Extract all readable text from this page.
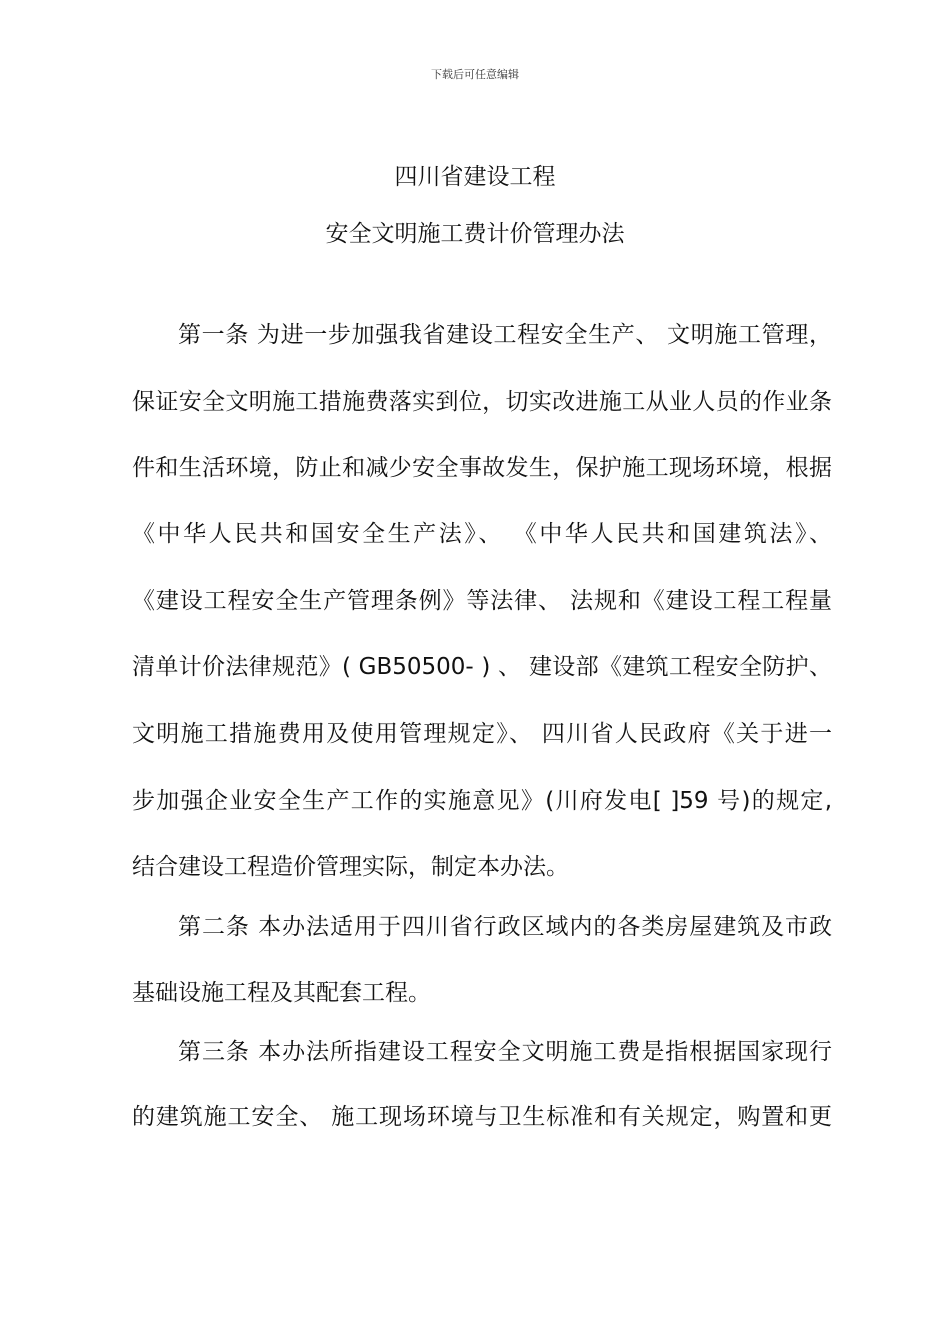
下载后可任意编辑
四川省建设工程
安全文明施工费计价管理办法
第一条 为进一步加强我省建设工程安全生产、 文明施工管理，
保证安全文明施工措施费落实到位，切实改进施工从业人员的作业条
件和生活环境，防止和减少安全事故发生，保护施工现场环境，根据
《中华人民共和国安全生产法》、 《中华人民共和国建筑法》、
《建设工程安全生产管理条例》等法律、 法规和《建设工程工程量
清单计价法律规范》( GB50500- ) 、 建设部《建筑工程安全防护、
文明施工措施费用及使用管理规定》、 四川省人民政府《关于进一
步加强企业安全生产工作的实施意见》(川府发电[ ]59 号)的规定,
结合建设工程造价管理实际，制定本办法。
第二条 本办法适用于四川省行政区域内的各类房屋建筑及市政
基础设施工程及其配套工程。
第三条 本办法所指建设工程安全文明施工费是指根据国家现行
的建筑施工安全、 施工现场环境与卫生标准和有关规定，购置和更
